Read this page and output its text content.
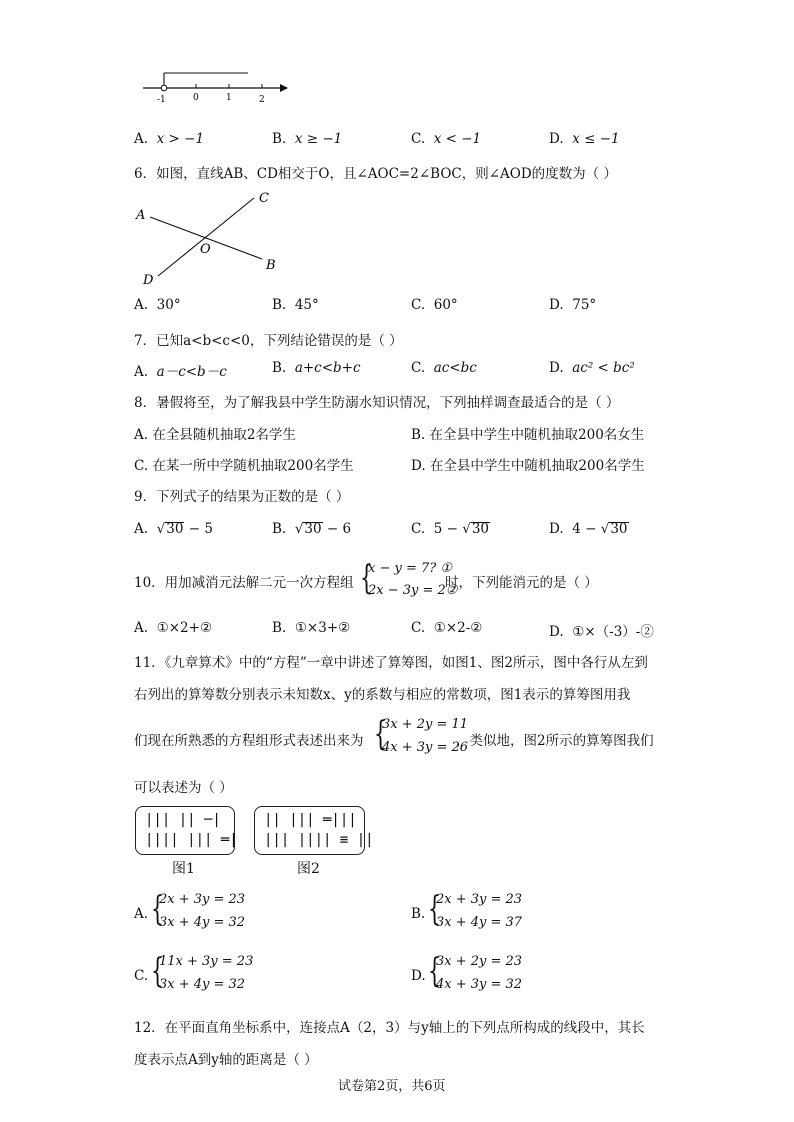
-1	0	1	2
A. x > −1	B. x ≥ −1	C. x < −1	D. x ≤ −1
6．如图，直线AB、CD相交于O，且∠AOC=2∠BOC，则∠AOD的度数为（ ）
A
C
O
B
D
A. 30°	B. 45°	C. 60°	D. 75°
7．已知a<b<c<0，下列结论错误的是（ ）
A. a－c<b－c	B. a+c<b+c	C. ac<bc	D. ac² < bc²
8．暑假将至，为了解我县中学生防溺水知识情况，下列抽样调查最适合的是（ ）
A. 在全县随机抽取2名学生	B. 在全县中学生中随机抽取200名女生
C. 在某一所中学随机抽取200名学生	D. 在全县中学生中随机抽取200名学生
9．下列式子的结果为正数的是（ ）
A. √30 − 5	B. √30 − 6	C. 5 − √30	D. 4 − √30
10．用加减消元法解二元一次方程组 {
x − y = 7? ①
2x − 3y = 2②
时，下列能消元的是（ ）
A. ①×2+②	B. ①×3+②	C. ①×2-②	D. ①×（-3）-②
11．《九章算术》中的“方程”一章中讲述了算筹图，如图1、图2所示，图中各行从左到
右列出的算筹数分别表示未知数x、y的系数与相应的常数项，图1表示的算筹图用我
们现在所熟悉的方程组形式表述出来为 {
3x + 2y = 11
4x + 3y = 26
，类似地，图2所示的算筹图我们
可以表述为（ ）
||| || ─|
|||| ||| ═|
图1
|| ||| ═|||
||| |||| ≡ ||
图2
A. {
2x + 3y = 23
3x + 4y = 32
B. {
2x + 3y = 23
3x + 4y = 37
C. {
11x + 3y = 23
3x + 4y = 32
D. {
3x + 2y = 23
4x + 3y = 32
12．在平面直角坐标系中，连接点A（2，3）与y轴上的下列点所构成的线段中，其长
度表示点A到y轴的距离是（ ）
试卷第2页，共6页
